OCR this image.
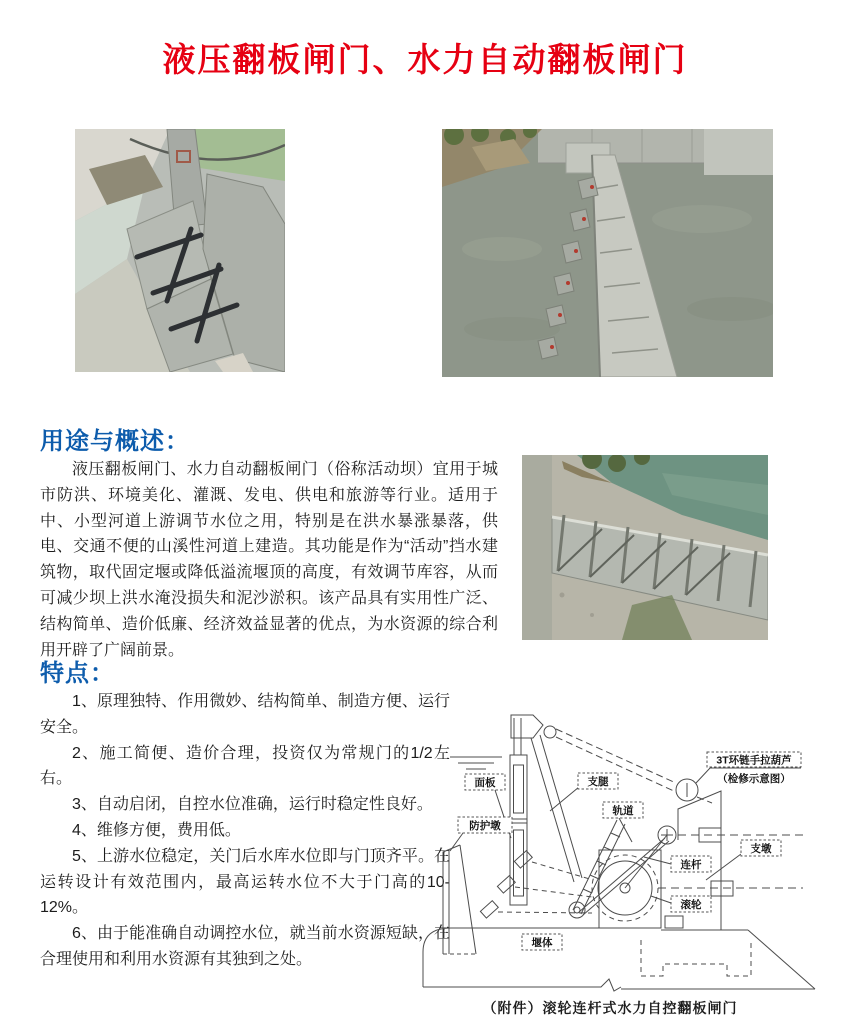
液压翻板闸门、水力自动翻板闸门
用途与概述：
液压翻板闸门、水力自动翻板闸门（俗称活动坝）宜用于城市防洪、环境美化、灌溉、发电、供电和旅游等行业。适用于中、小型河道上游调节水位之用，特别是在洪水暴涨暴落，供电、交通不便的山溪性河道上建造。其功能是作为“活动”挡水建筑物，取代固定堰或降低溢流堰顶的高度，有效调节库容，从而可减少坝上洪水淹没损失和泥沙淤积。该产品具有实用性广泛、结构简单、造价低廉、经济效益显著的优点，为水资源的综合利用开辟了广阔前景。
特点：

1、原理独特、作用微妙、结构简单、制造方便、运行安全。

2、施工简便、造价合理，投资仅为常规门的1/2左右。

3、自动启闭，自控水位准确，运行时稳定性良好。

4、维修方便，费用低。

5、上游水位稳定，关门后水库水位即与门顶齐平。在运转设计有效范围内，最高运转水位不大于门高的10-12%。

6、由于能准确自动调控水位，就当前水资源短缺，在合理使用和利用水资源有其独到之处。

面板
防护墩
支腿
轨道
3T环链手拉葫芦
（检修示意图）
连杆
支墩
滚轮
堰体
（附件）滚轮连杆式水力自控翻板闸门
